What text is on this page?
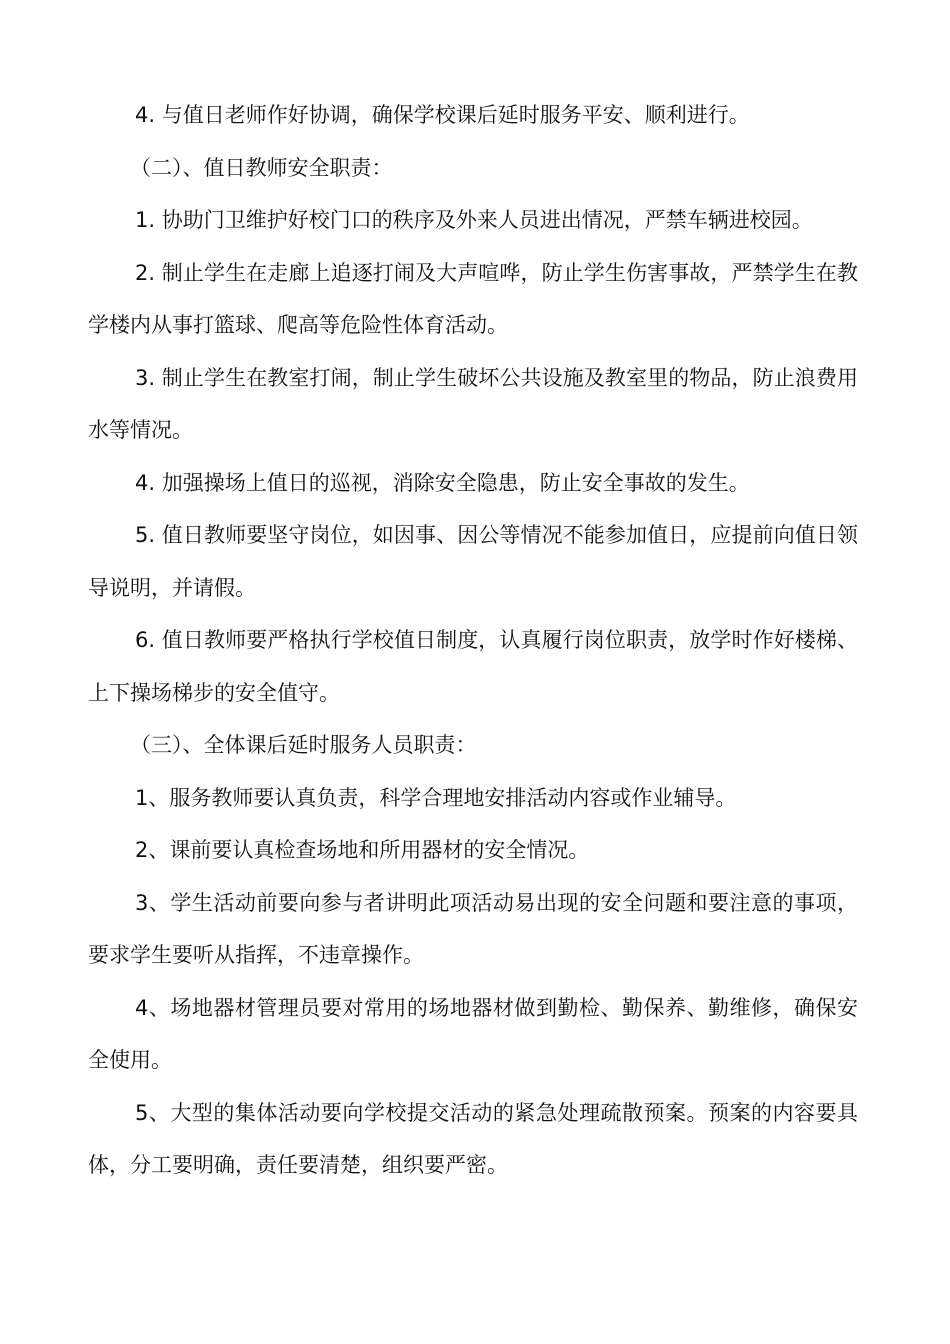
4. 与值日老师作好协调，确保学校课后延时服务平安、顺利进行。

（二）、值日教师安全职责：

1. 协助门卫维护好校门口的秩序及外来人员进出情况，严禁车辆进校园。

2. 制止学生在走廊上追逐打闹及大声喧哗，防止学生伤害事故，严禁学生在教学楼内从事打篮球、爬高等危险性体育活动。

3. 制止学生在教室打闹，制止学生破坏公共设施及教室里的物品，防止浪费用水等情况。

4. 加强操场上值日的巡视，消除安全隐患，防止安全事故的发生。

5. 值日教师要坚守岗位，如因事、因公等情况不能参加值日，应提前向值日领导说明，并请假。

6. 值日教师要严格执行学校值日制度，认真履行岗位职责，放学时作好楼梯、上下操场梯步的安全值守。

（三）、全体课后延时服务人员职责：

1、服务教师要认真负责，科学合理地安排活动内容或作业辅导。

2、课前要认真检查场地和所用器材的安全情况。

3、学生活动前要向参与者讲明此项活动易出现的安全问题和要注意的事项，要求学生要听从指挥，不违章操作。

4、场地器材管理员要对常用的场地器材做到勤检、勤保养、勤维修，确保安全使用。

5、大型的集体活动要向学校提交活动的紧急处理疏散预案。预案的内容要具体，分工要明确，责任要清楚，组织要严密。
